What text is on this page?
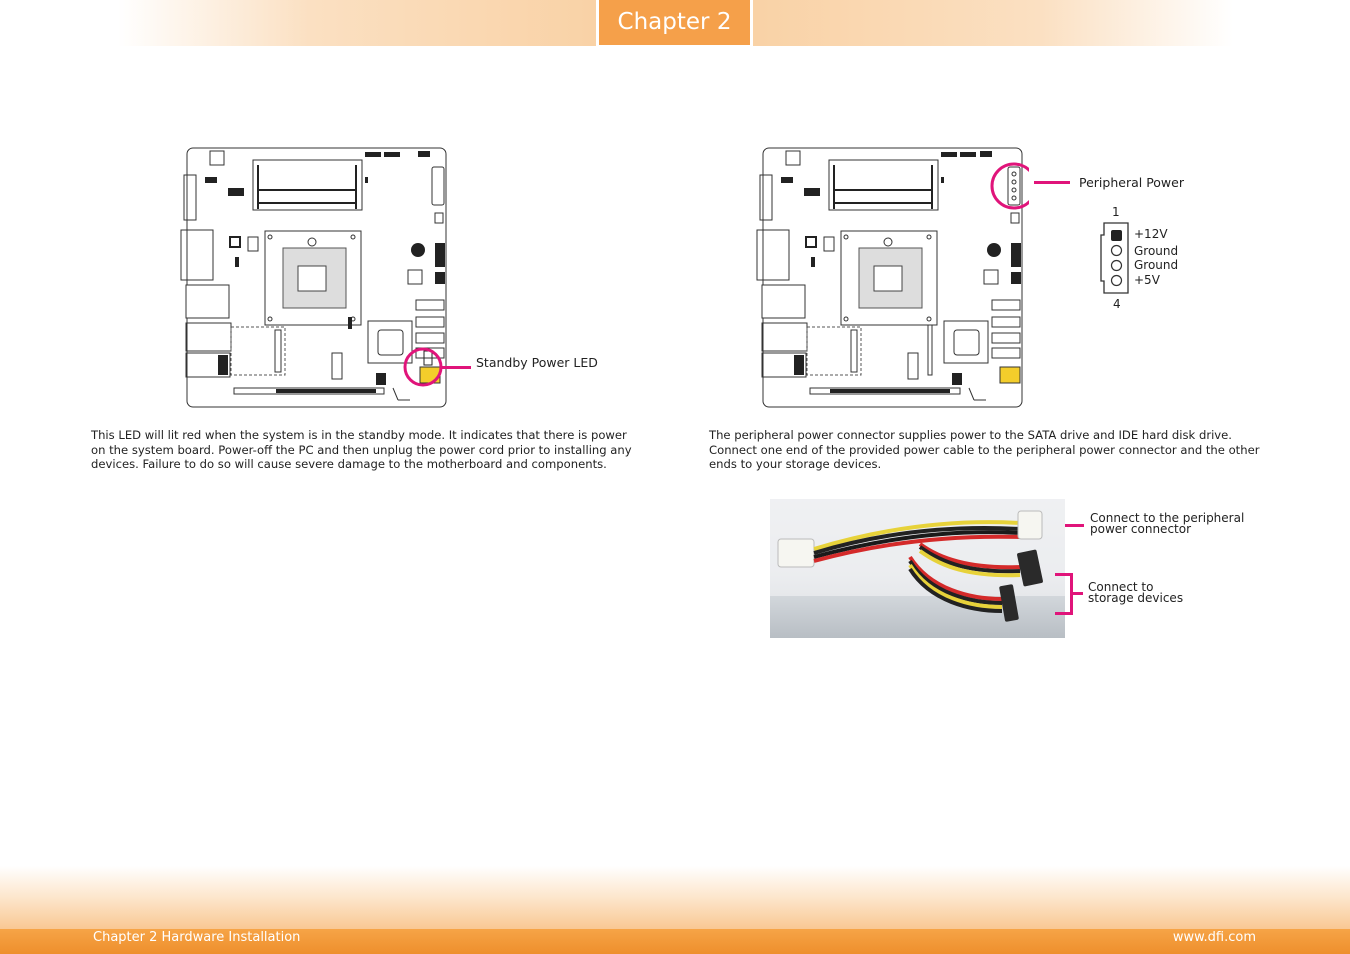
Chapter 2
Standby Power LED
This LED will lit red when the system is in the standby mode. It indicates that there is power on the system board. Power-off the PC and then unplug the power cord prior to installing any devices. Failure to do so will cause severe damage to the motherboard and components.
Peripheral Power
1
+12V
Ground
Ground
+5V
4
The peripheral power connector supplies power to the SATA drive and IDE hard disk drive. Connect one end of the provided power cable to the peripheral power connector and the other ends to your storage devices.
Connect to the peripheral power connector
Connect to storage devices
Chapter 2 Hardware Installation	www.dfi.com
